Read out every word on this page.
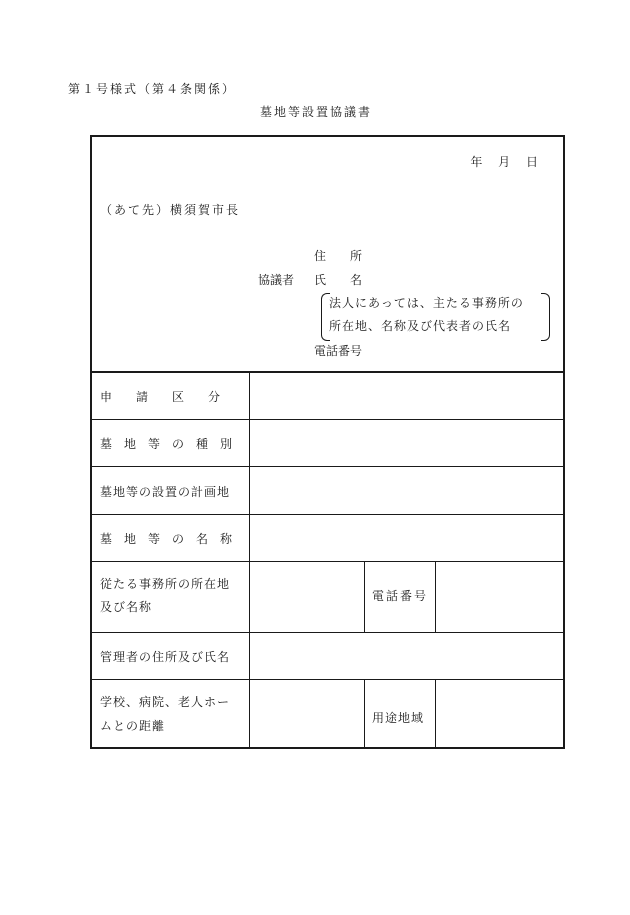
第１号様式（第４条関係）
墓地等設置協議書
年　 月　 日
（あて先）横須賀市長
住　　所
協議者 氏　　名
法人にあっては、主たる事務所の
所在地、名称及び代表者の氏名
電話番号
申　　請　　区　　分
墓　地　等　の　種　別
墓地等の設置の計画地
墓　地　等　の　名　称
従たる事務所の所在地
及び名称
電話番号
管理者の住所及び氏名
学校、病院、老人ホー
ムとの距離
用途地域
